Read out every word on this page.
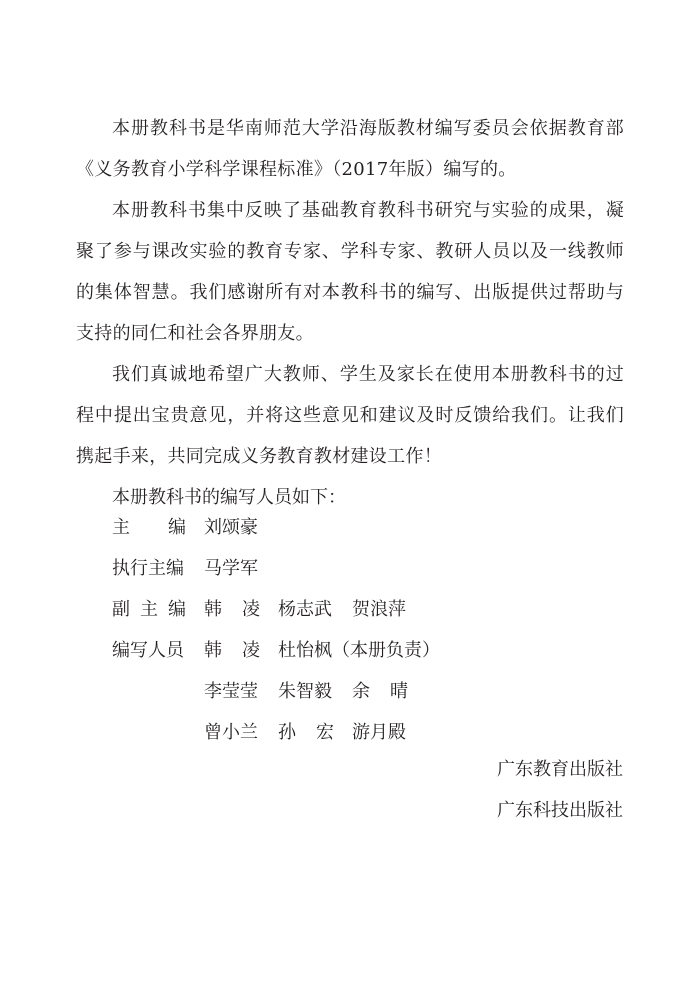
本册教科书是华南师范大学沿海版教材编写委员会依据教育部《义务教育小学科学课程标准》（2017年版）编写的。

本册教科书集中反映了基础教育教科书研究与实验的成果，凝聚了参与课改实验的教育专家、学科专家、教研人员以及一线教师的集体智慧。我们感谢所有对本教科书的编写、出版提供过帮助与支持的同仁和社会各界朋友。

我们真诚地希望广大教师、学生及家长在使用本册教科书的过程中提出宝贵意见，并将这些意见和建议及时反馈给我们。让我们携起手来，共同完成义务教育教材建设工作！

本册教科书的编写人员如下：

主 编 刘颂豪
执行主编	马学军
副 主 编 韩 凌 杨志武	贺浪萍
编写人员	韩 凌 杜怡枫（本册负责）
李莹莹	朱智毅	余 晴
曾小兰	孙 宏 游月殿
广东教育出版社
广东科技出版社
